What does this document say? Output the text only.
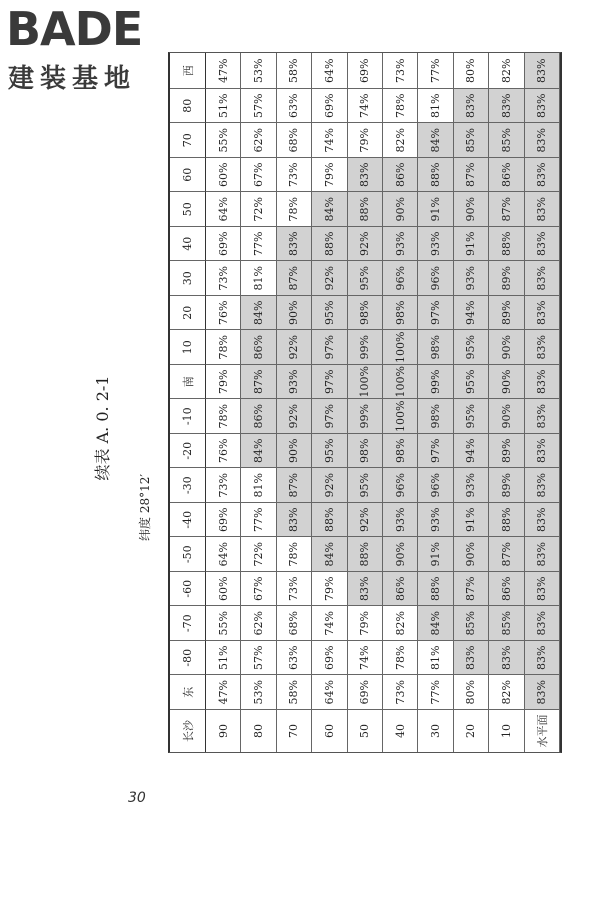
BADE
建装基地
续表 A. 0. 2-1
纬度 28°12′
长沙
东
-80
-70
-60
-50
-40
-30
-20
-10
南
10
20
30
40
50
60
70
80
西
90
47%
51%
55%
60%
64%
69%
73%
76%
78%
79%
78%
76%
73%
69%
64%
60%
55%
51%
47%
80
53%
57%
62%
67%
72%
77%
81%
84%
86%
87%
86%
84%
81%
77%
72%
67%
62%
57%
53%
70
58%
63%
68%
73%
78%
83%
87%
90%
92%
93%
92%
90%
87%
83%
78%
73%
68%
63%
58%
60
64%
69%
74%
79%
84%
88%
92%
95%
97%
97%
97%
95%
92%
88%
84%
79%
74%
69%
64%
50
69%
74%
79%
83%
88%
92%
95%
98%
99%
100%
99%
98%
95%
92%
88%
83%
79%
74%
69%
40
73%
78%
82%
86%
90%
93%
96%
98%
100%
100%
100%
98%
96%
93%
90%
86%
82%
78%
73%
30
77%
81%
84%
88%
91%
93%
96%
97%
98%
99%
98%
97%
96%
93%
91%
88%
84%
81%
77%
20
80%
83%
85%
87%
90%
91%
93%
94%
95%
95%
95%
94%
93%
91%
90%
87%
85%
83%
80%
10
82%
83%
85%
86%
87%
88%
89%
89%
90%
90%
90%
89%
89%
88%
87%
86%
85%
83%
82%
水平面
83%
83%
83%
83%
83%
83%
83%
83%
83%
83%
83%
83%
83%
83%
83%
83%
83%
83%
83%
30
